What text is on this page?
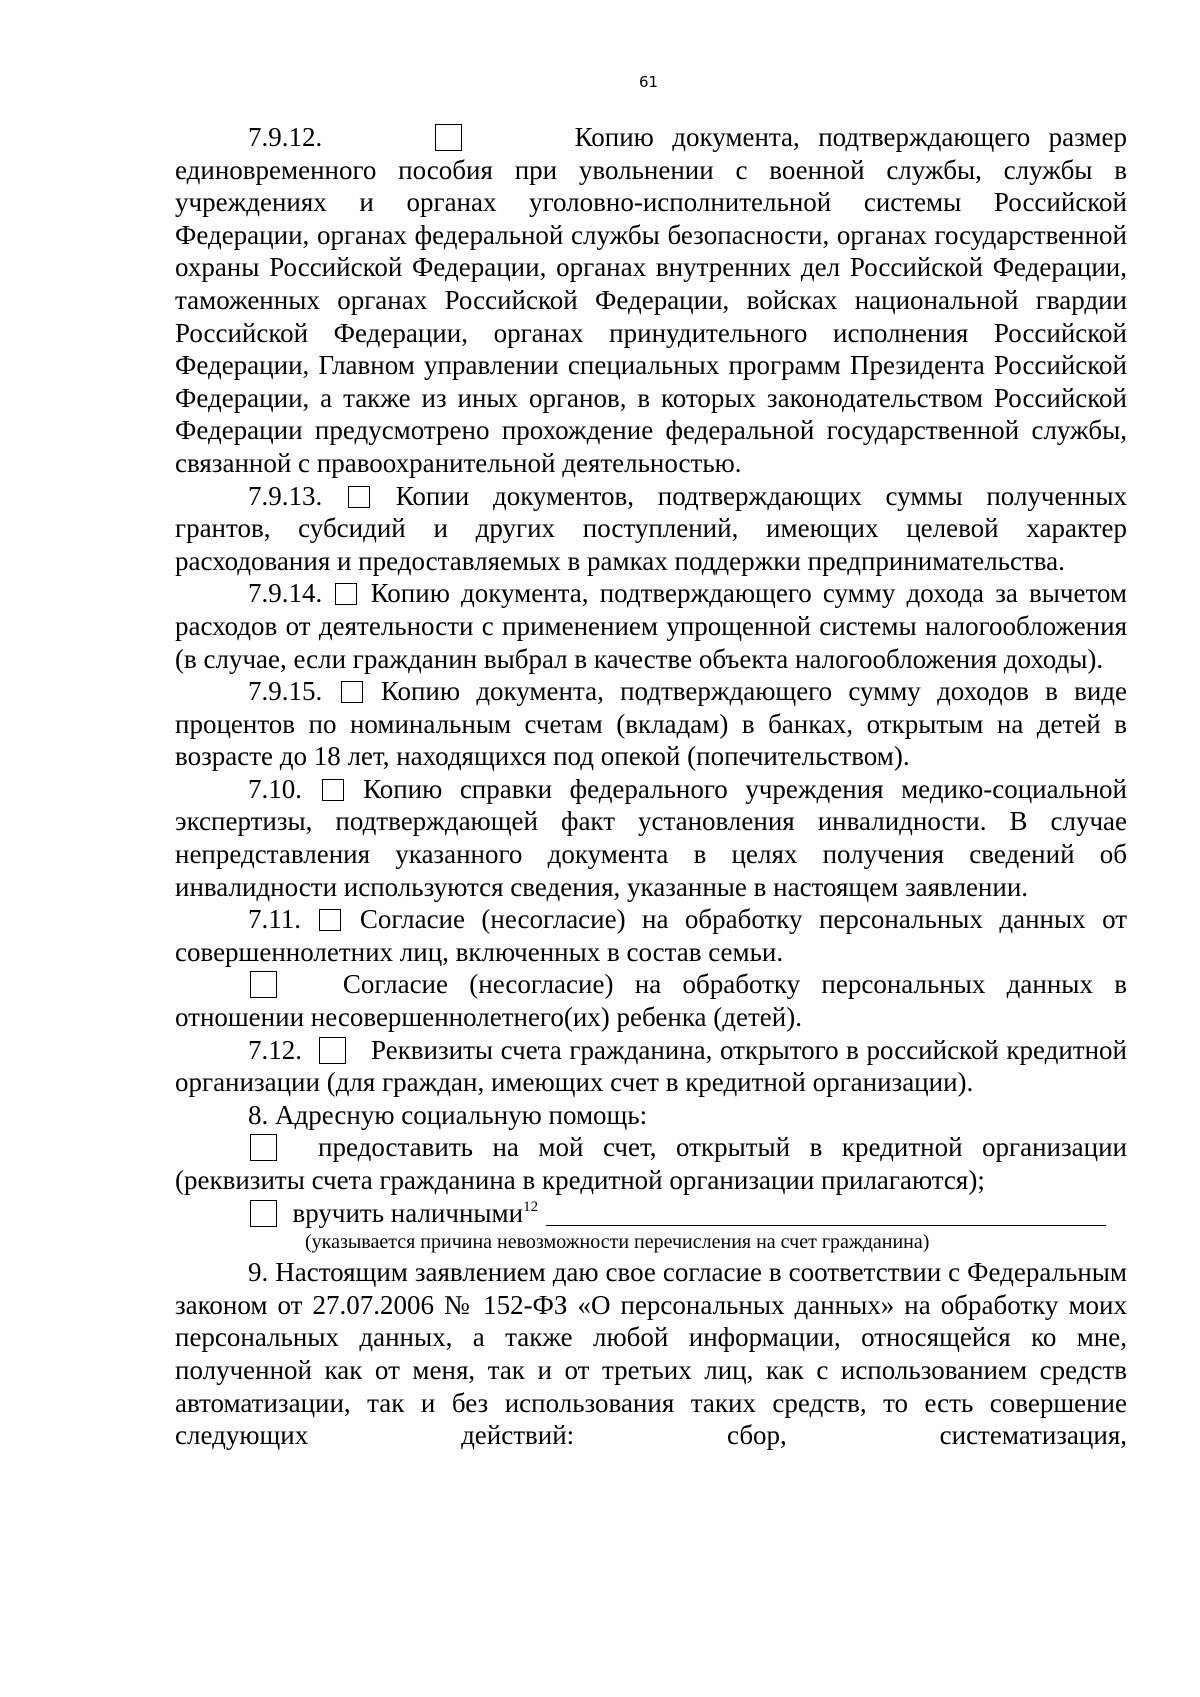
61

7.9.12.	Копию документа, подтверждающего размер единовременного пособия при увольнении с военной службы, службы в учреждениях и органах уголовно-исполнительной системы Российской Федерации, органах федеральной службы безопасности, органах государственной охраны Российской Федерации, органах внутренних дел Российской Федерации, таможенных органах Российской Федерации, войсках национальной гвардии Российской Федерации, органах принудительного исполнения Российской Федерации, Главном управлении специальных программ Президента Российской Федерации, а также из иных органов, в которых законодательством Российской Федерации предусмотрено прохождение федеральной государственной службы, связанной с правоохранительной деятельностью.

7.9.13.	Копии документов, подтверждающих суммы полученных грантов, субсидий и других поступлений, имеющих целевой характер расходования и предоставляемых в рамках поддержки предпринимательства.

7.9.14. Копию документа, подтверждающего сумму дохода за вычетом расходов от деятельности с применением упрощенной системы налогообложения (в случае, если гражданин выбрал в качестве объекта налогообложения доходы).

7.9.15. Копию документа, подтверждающего сумму доходов в виде процентов по номинальным счетам (вкладам) в банках, открытым на детей в возрасте до 18 лет, находящихся под опекой (попечительством).

7.10. Копию справки федерального учреждения медико-социальной экспертизы, подтверждающей факт установления инвалидности. В случае непредставления указанного документа в целях получения сведений об инвалидности используются сведения, указанные в настоящем заявлении.

7.11. Согласие (несогласие) на обработку персональных данных от совершеннолетних лиц, включенных в состав семьи.

Согласие (несогласие) на обработку персональных данных в отношении несовершеннолетнего(их) ребенка (детей).

7.12.	Реквизиты счета гражданина, открытого в российской кредитной организации (для граждан, имеющих счет в кредитной организации).

8. Адресную социальную помощь:

предоставить на мой счет, открытый в кредитной организации (реквизиты счета гражданина в кредитной организации прилагаются);

вручить наличными$^{12}$

(указывается причина невозможности перечисления на счет гражданина)

9. Настоящим заявлением даю свое согласие в соответствии с Федеральным законом от 27.07.2006 № 152-ФЗ «О персональных данных» на обработку моих персональных данных, а также любой информации, относящейся ко мне, полученной как от меня, так и от третьих лиц, как с использованием средств автоматизации, так и без использования таких средств, то есть совершение следующих действий: сбор, систематизация,
